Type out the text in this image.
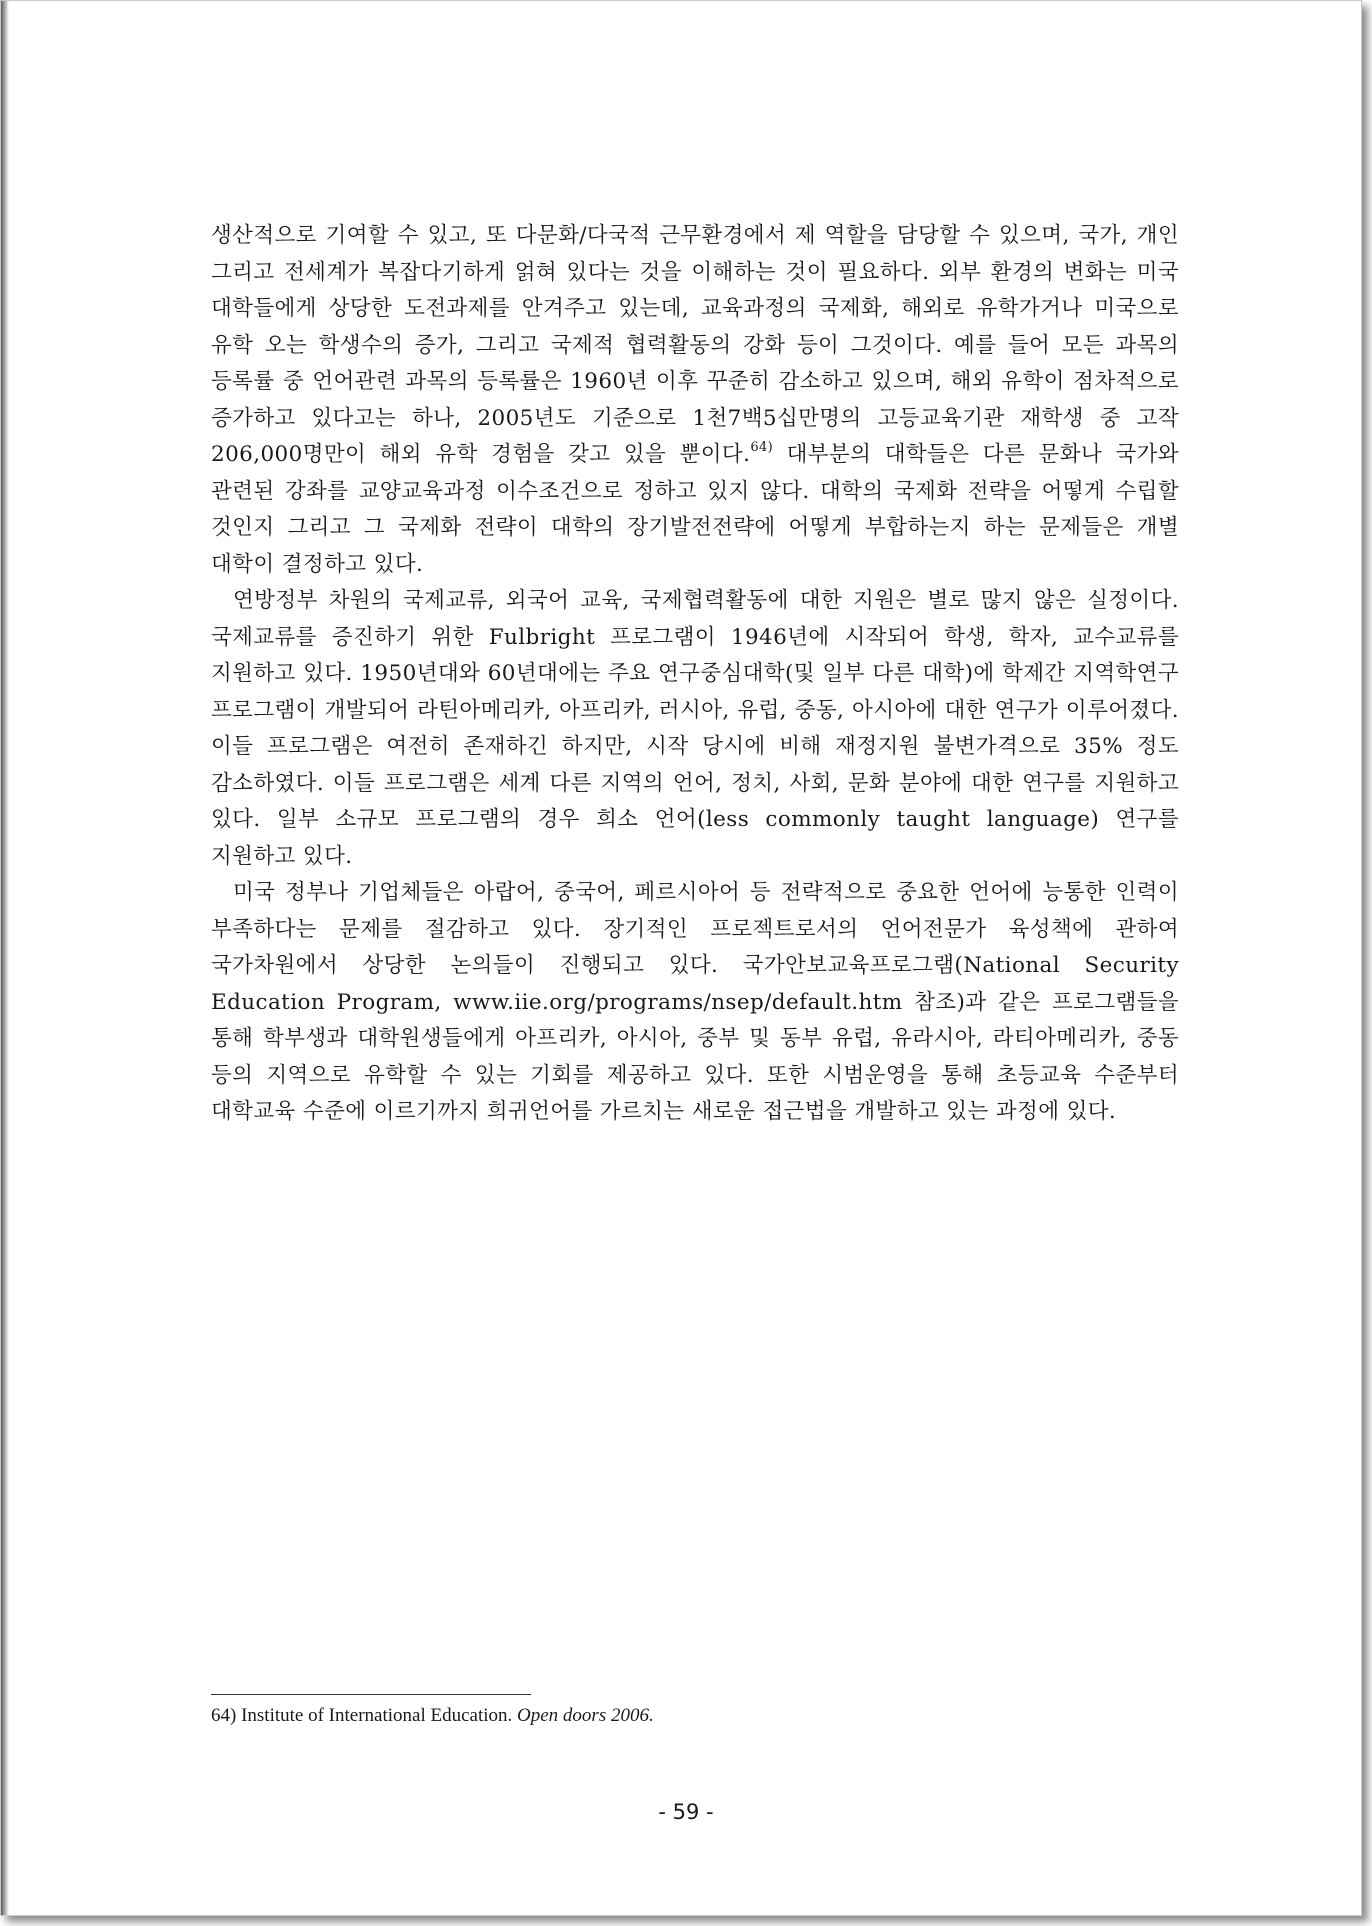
생산적으로 기여할 수 있고, 또 다문화/다국적 근무환경에서 제 역할을 담당할 수 있으며, 국가, 개인 그리고 전세계가 복잡다기하게 얽혀 있다는 것을 이해하는 것이 필요하다. 외부 환경의 변화는 미국 대학들에게 상당한 도전과제를 안겨주고 있는데, 교육과정의 국제화, 해외로 유학가거나 미국으로 유학 오는 학생수의 증가, 그리고 국제적 협력활동의 강화 등이 그것이다. 예를 들어 모든 과목의 등록률 중 언어관련 과목의 등록률은 1960년 이후 꾸준히 감소하고 있으며, 해외 유학이 점차적으로 증가하고 있다고는 하나, 2005년도 기준으로 1천7백5십만명의 고등교육기관 재학생 중 고작 206,000명만이 해외 유학 경험을 갖고 있을 뿐이다.$^{64)}$ 대부분의 대학들은 다른 문화나 국가와 관련된 강좌를 교양교육과정 이수조건으로 정하고 있지 않다. 대학의 국제화 전략을 어떻게 수립할 것인지 그리고 그 국제화 전략이 대학의 장기발전전략에 어떻게 부합하는지 하는 문제들은 개별 대학이 결정하고 있다.

연방정부 차원의 국제교류, 외국어 교육, 국제협력활동에 대한 지원은 별로 많지 않은 실정이다. 국제교류를 증진하기 위한 Fulbright 프로그램이 1946년에 시작되어 학생, 학자, 교수교류를 지원하고 있다. 1950년대와 60년대에는 주요 연구중심대학(및 일부 다른 대학)에 학제간 지역학연구 프로그램이 개발되어 라틴아메리카, 아프리카, 러시아, 유럽, 중동, 아시아에 대한 연구가 이루어졌다. 이들 프로그램은 여전히 존재하긴 하지만, 시작 당시에 비해 재정지원 불변가격으로 35% 정도 감소하였다. 이들 프로그램은 세계 다른 지역의 언어, 정치, 사회, 문화 분야에 대한 연구를 지원하고 있다. 일부 소규모 프로그램의 경우 희소 언어(less commonly taught language) 연구를 지원하고 있다.

미국 정부나 기업체들은 아랍어, 중국어, 페르시아어 등 전략적으로 중요한 언어에 능통한 인력이 부족하다는 문제를 절감하고 있다. 장기적인 프로젝트로서의 언어전문가 육성책에 관하여 국가차원에서 상당한 논의들이 진행되고 있다. 국가안보교육프로그램(National Security Education Program, www.iie.org/programs/nsep/default.htm 참조)과 같은 프로그램들을 통해 학부생과 대학원생들에게 아프리카, 아시아, 중부 및 동부 유럽, 유라시아, 라티아메리카, 중동 등의 지역으로 유학할 수 있는 기회를 제공하고 있다. 또한 시범운영을 통해 초등교육 수준부터 대학교육 수준에 이르기까지 희귀언어를 가르치는 새로운 접근법을 개발하고 있는 과정에 있다.

64) Institute of International Education. Open doors 2006.
- 59 -
